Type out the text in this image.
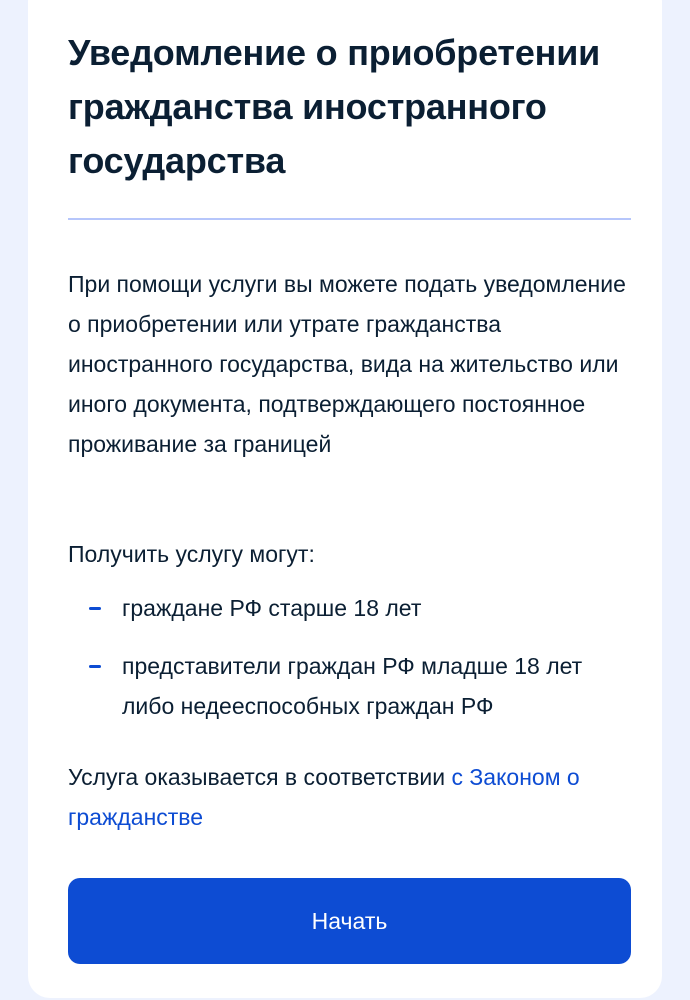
Уведомление о приобретении гражданства иностранного государства

При помощи услуги вы можете подать уведомление о приобретении или утрате гражданства иностранного государства, вида на жительство или иного документа, подтверждающего постоянное проживание за границей

Получить услугу могут:

граждане РФ старше 18 лет
представители граждан РФ младше 18 лет либо недееспособных граждан РФ

Услуга оказывается в соответствии с Законом о гражданстве

Начать
